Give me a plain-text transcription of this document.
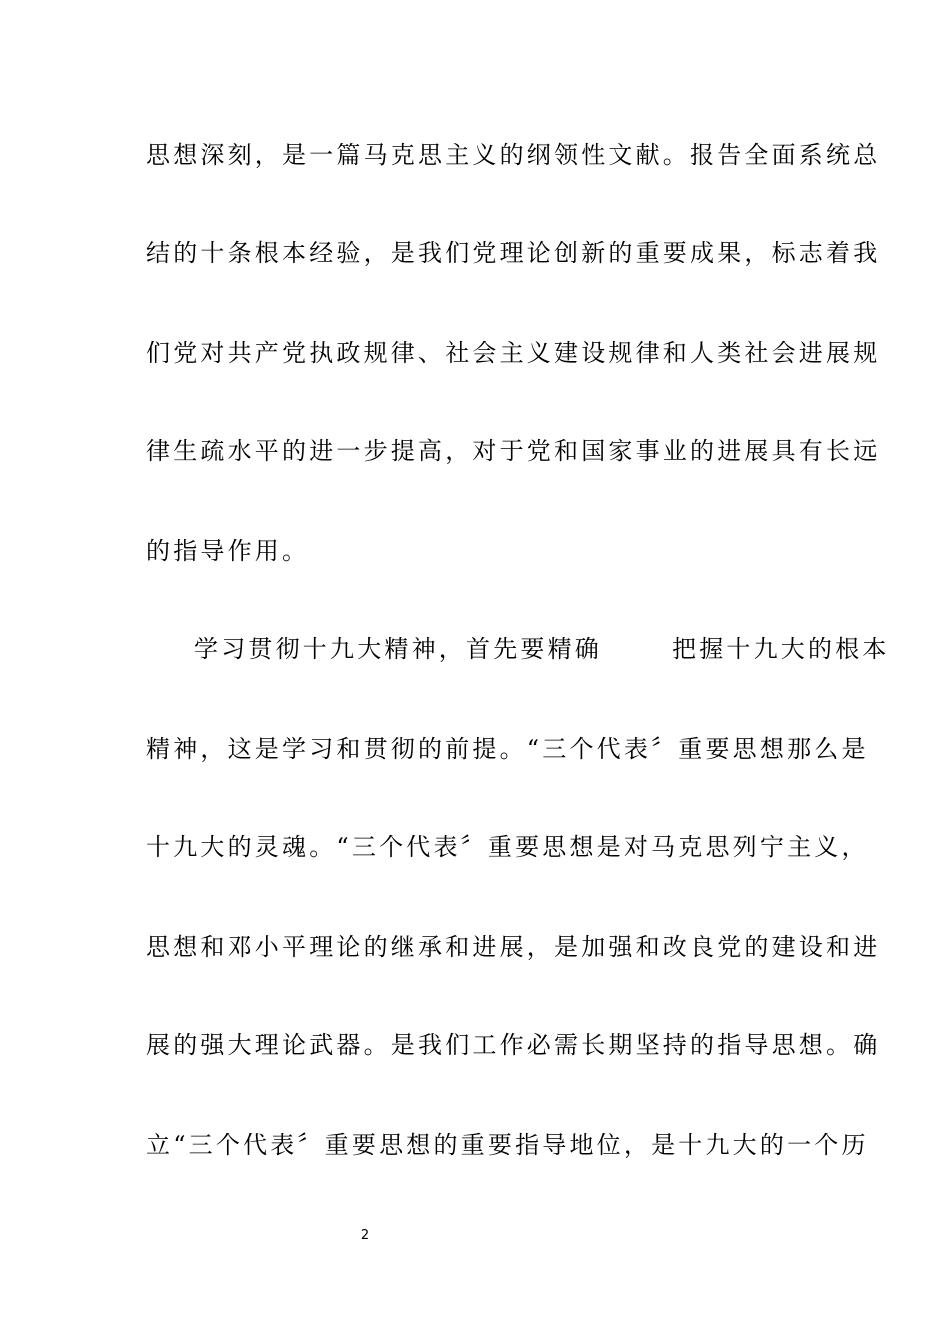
思想深刻，是一篇马克思主义的纲领性文献。报告全面系统总
结的十条根本经验，是我们党理论创新的重要成果，标志着我
们党对共产党执政规律、社会主义建设规律和人类社会进展规
律生疏水平的进一步提高，对于党和国家事业的进展具有长远
的指导作用。
学习贯彻十九大精神，首先要精确	把握十九大的根本
精神，这是学习和贯彻的前提。“三个代表〞重要思想那么是
十九大的灵魂。“三个代表〞重要思想是对马克思列宁主义，
思想和邓小平理论的继承和进展，是加强和改良党的建设和进
展的强大理论武器。是我们工作必需长期坚持的指导思想。确
立“三个代表〞重要思想的重要指导地位，是十九大的一个历
2
